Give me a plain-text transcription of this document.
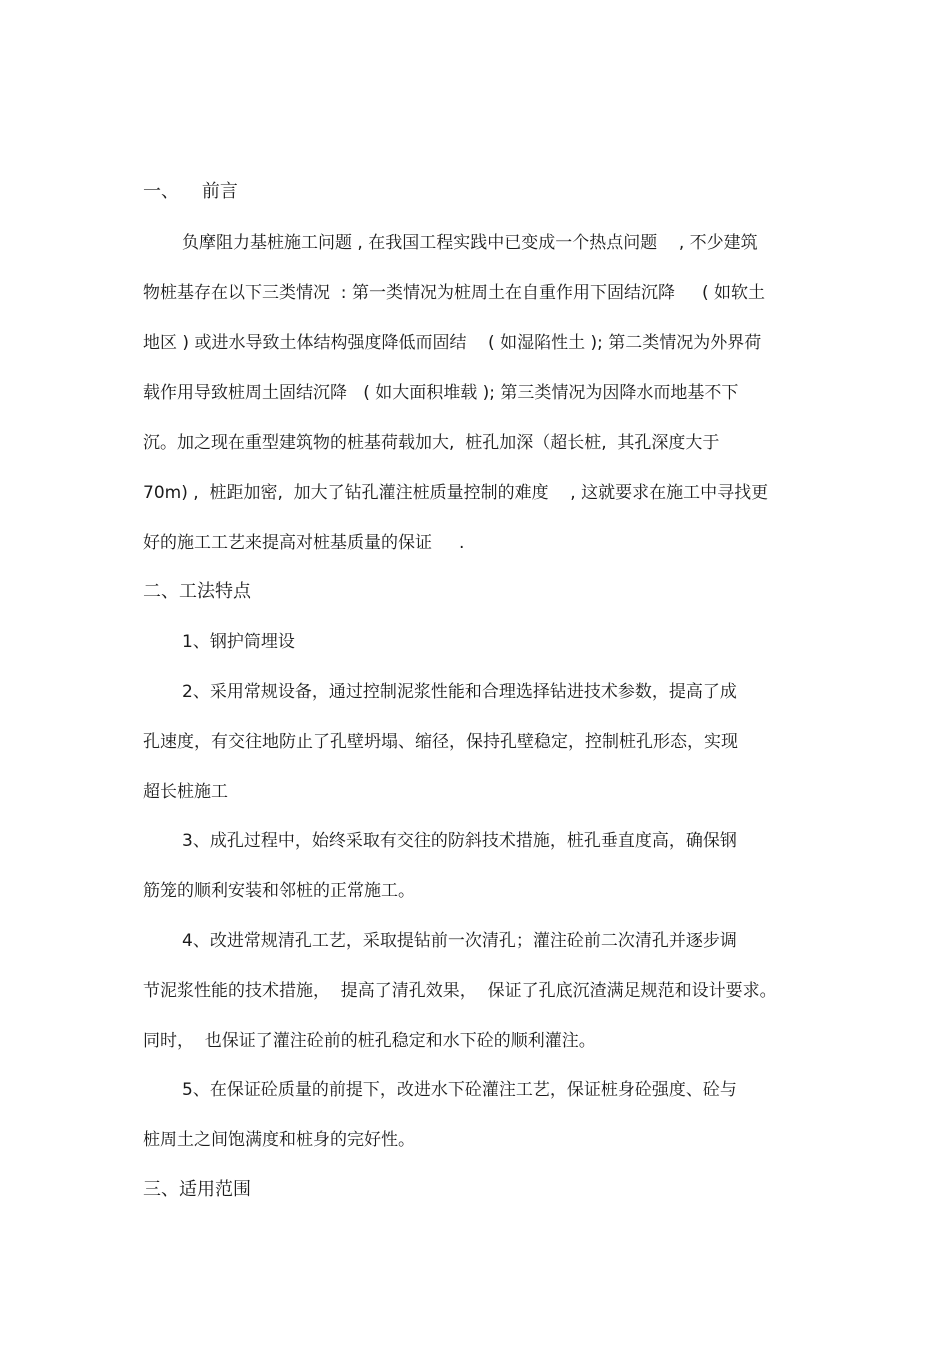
一、    前言
负摩阻力基桩施工问题 , 在我国工程实践中已变成一个热点问题    , 不少建筑
物桩基存在以下三类情况  : 第一类情况为桩周土在自重作用下固结沉降     ( 如软土
地区 ) 或进水导致土体结构强度降低而固结    ( 如湿陷性土 ); 第二类情况为外界荷
载作用导致桩周土固结沉降   ( 如大面积堆载 ); 第三类情况为因降水而地基不下
沉。加之现在重型建筑物的桩基荷载加大,  桩孔加深（超长桩,  其孔深度大于
70m) ,  桩距加密,  加大了钻孔灌注桩质量控制的难度    , 这就要求在施工中寻找更
好的施工工艺来提高对桩基质量的保证     .
二、工法特点
1、钢护筒埋设
2、采用常规设备，通过控制泥浆性能和合理选择钻进技术参数，提高了成
孔速度，有交往地防止了孔壁坍塌、缩径，保持孔壁稳定，控制桩孔形态，实现
超长桩施工
3、成孔过程中，始终采取有交往的防斜技术措施，桩孔垂直度高，确保钢
筋笼的顺利安装和邻桩的正常施工。
4、改进常规清孔工艺，采取提钻前一次清孔；灌注砼前二次清孔并逐步调
节泥浆性能的技术措施，  提高了清孔效果，  保证了孔底沉渣满足规范和设计要求。
同时，  也保证了灌注砼前的桩孔稳定和水下砼的顺利灌注。
5、在保证砼质量的前提下，改进水下砼灌注工艺，保证桩身砼强度、砼与
桩周土之间饱满度和桩身的完好性。
三、适用范围
